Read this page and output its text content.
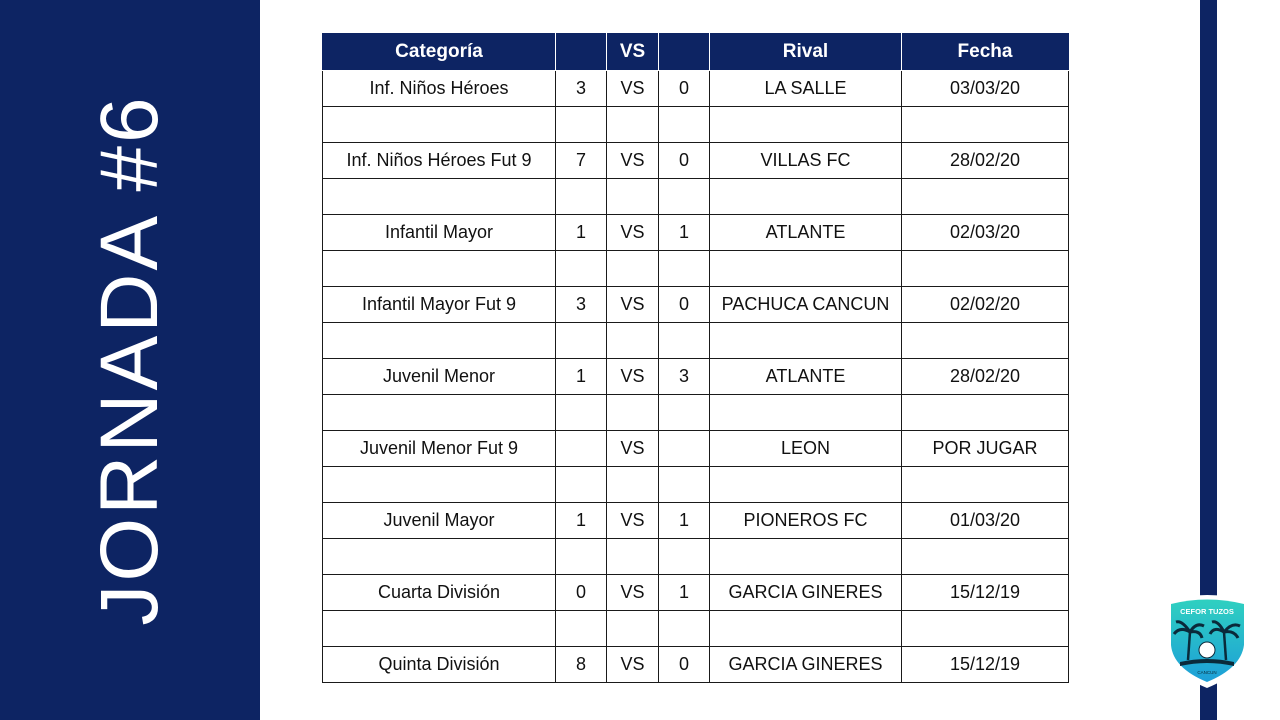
JORNADA #6
Categoría		VS		Rival	Fecha
Inf. Niños Héroes	3	VS	0	LA SALLE	03/03/20

Inf. Niños Héroes Fut 9	7	VS	0	VILLAS FC	28/02/20

Infantil Mayor	1	VS	1	ATLANTE	02/03/20

Infantil Mayor Fut 9	3	VS	0	PACHUCA CANCUN	02/02/20

Juvenil Menor	1	VS	3	ATLANTE	28/02/20

Juvenil Menor Fut 9		VS		LEON	POR JUGAR

Juvenil Mayor	1	VS	1	PIONEROS FC	01/03/20

Cuarta División	0	VS	1	GARCIA GINERES	15/12/19

Quinta División	8	VS	0	GARCIA GINERES	15/12/19
CEFOR TUZOS
CANCUN
